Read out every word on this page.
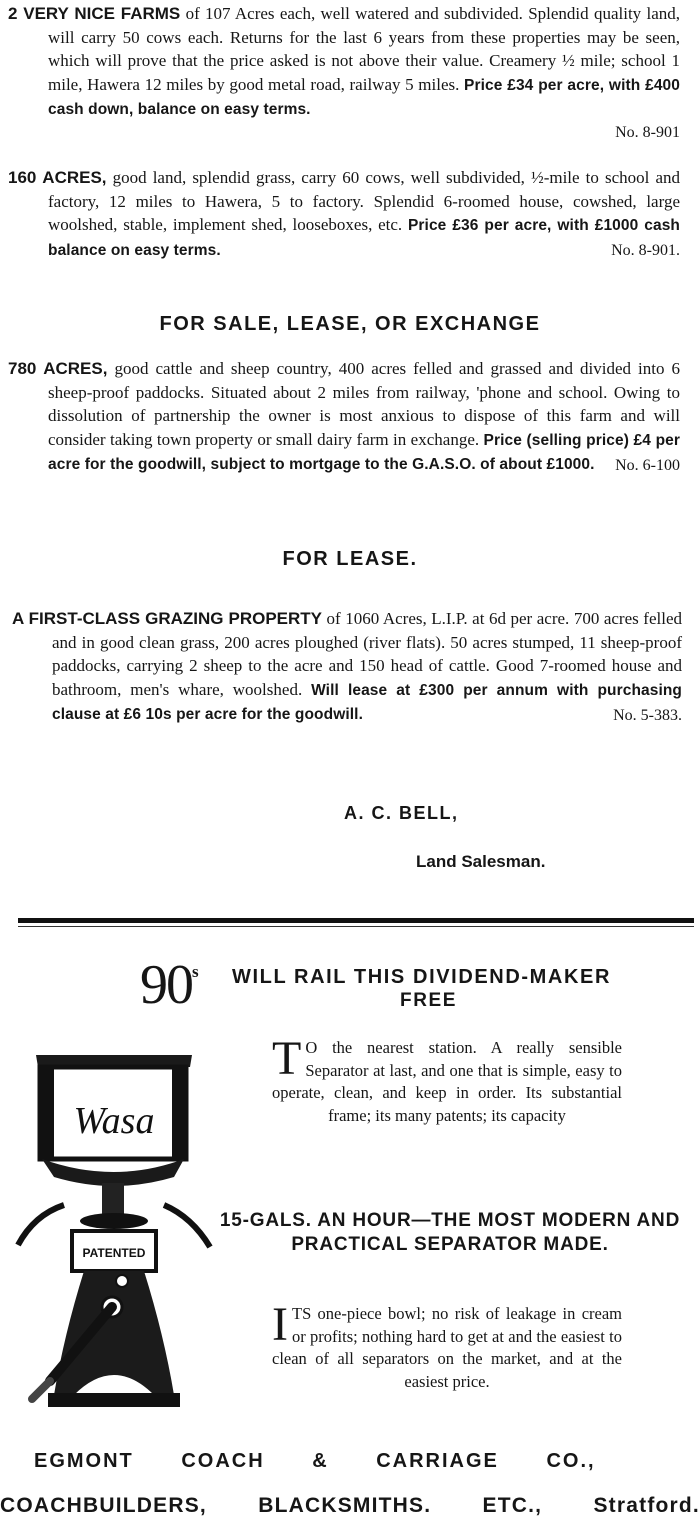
2 VERY NICE FARMS of 107 Acres each, well watered and subdivided. Splendid quality land, will carry 50 cows each. Returns for the last 6 years from these properties may be seen, which will prove that the price asked is not above their value. Creamery ½ mile; school 1 mile, Hawera 12 miles by good metal road, railway 5 miles. Price £34 per acre, with £400 cash down, balance on easy terms.
No. 8-901
160 ACRES, good land, splendid grass, carry 60 cows, well subdivided, ½-mile to school and factory, 12 miles to Hawera, 5 to factory. Splendid 6-roomed house, cowshed, large woolshed, stable, implement shed, looseboxes, etc. Price £36 per acre, with £1000 cash balance on easy terms.	No. 8-901.
FOR SALE, LEASE, OR EXCHANGE
780 ACRES, good cattle and sheep country, 400 acres felled and grassed and divided into 6 sheep-proof paddocks. Situated about 2 miles from railway, 'phone and school. Owing to dissolution of partnership the owner is most anxious to dispose of this farm and will consider taking town property or small dairy farm in exchange. Price (selling price) £4 per acre for the goodwill, subject to mortgage to the G.A.S.O. of about £1000.	No. 6-100
FOR LEASE.
A FIRST-CLASS GRAZING PROPERTY of 1060 Acres, L.I.P. at 6d per acre. 700 acres felled and in good clean grass, 200 acres ploughed (river flats). 50 acres stumped, 11 sheep-proof paddocks, carrying 2 sheep to the acre and 150 head of cattle. Good 7-roomed house and bathroom, men's whare, woolshed. Will lease at £300 per annum with purchasing clause at £6 10s per acre for the goodwill.	No. 5-383.
A. C. BELL,
Land Salesman.
90 s WILL RAIL THIS DIVIDEND-MAKER
FREE
Wasa
PATENTED
T O the nearest station. A really sensible Separator at last, and one that is simple, easy to operate, clean, and keep in order. Its substantial frame; its many patents; its capacity
15-GALS. AN HOUR—THE MOST MODERN AND PRACTICAL SEPARATOR MADE.
ITS one-piece bowl; no risk of leakage in cream or profits; nothing hard to get at and the easiest to clean of all separators on the market, and at the easiest price.
EGMONT COACH & CARRIAGE CO.,
COACHBUILDERS, BLACKSMITHS. ETC., Stratford.
